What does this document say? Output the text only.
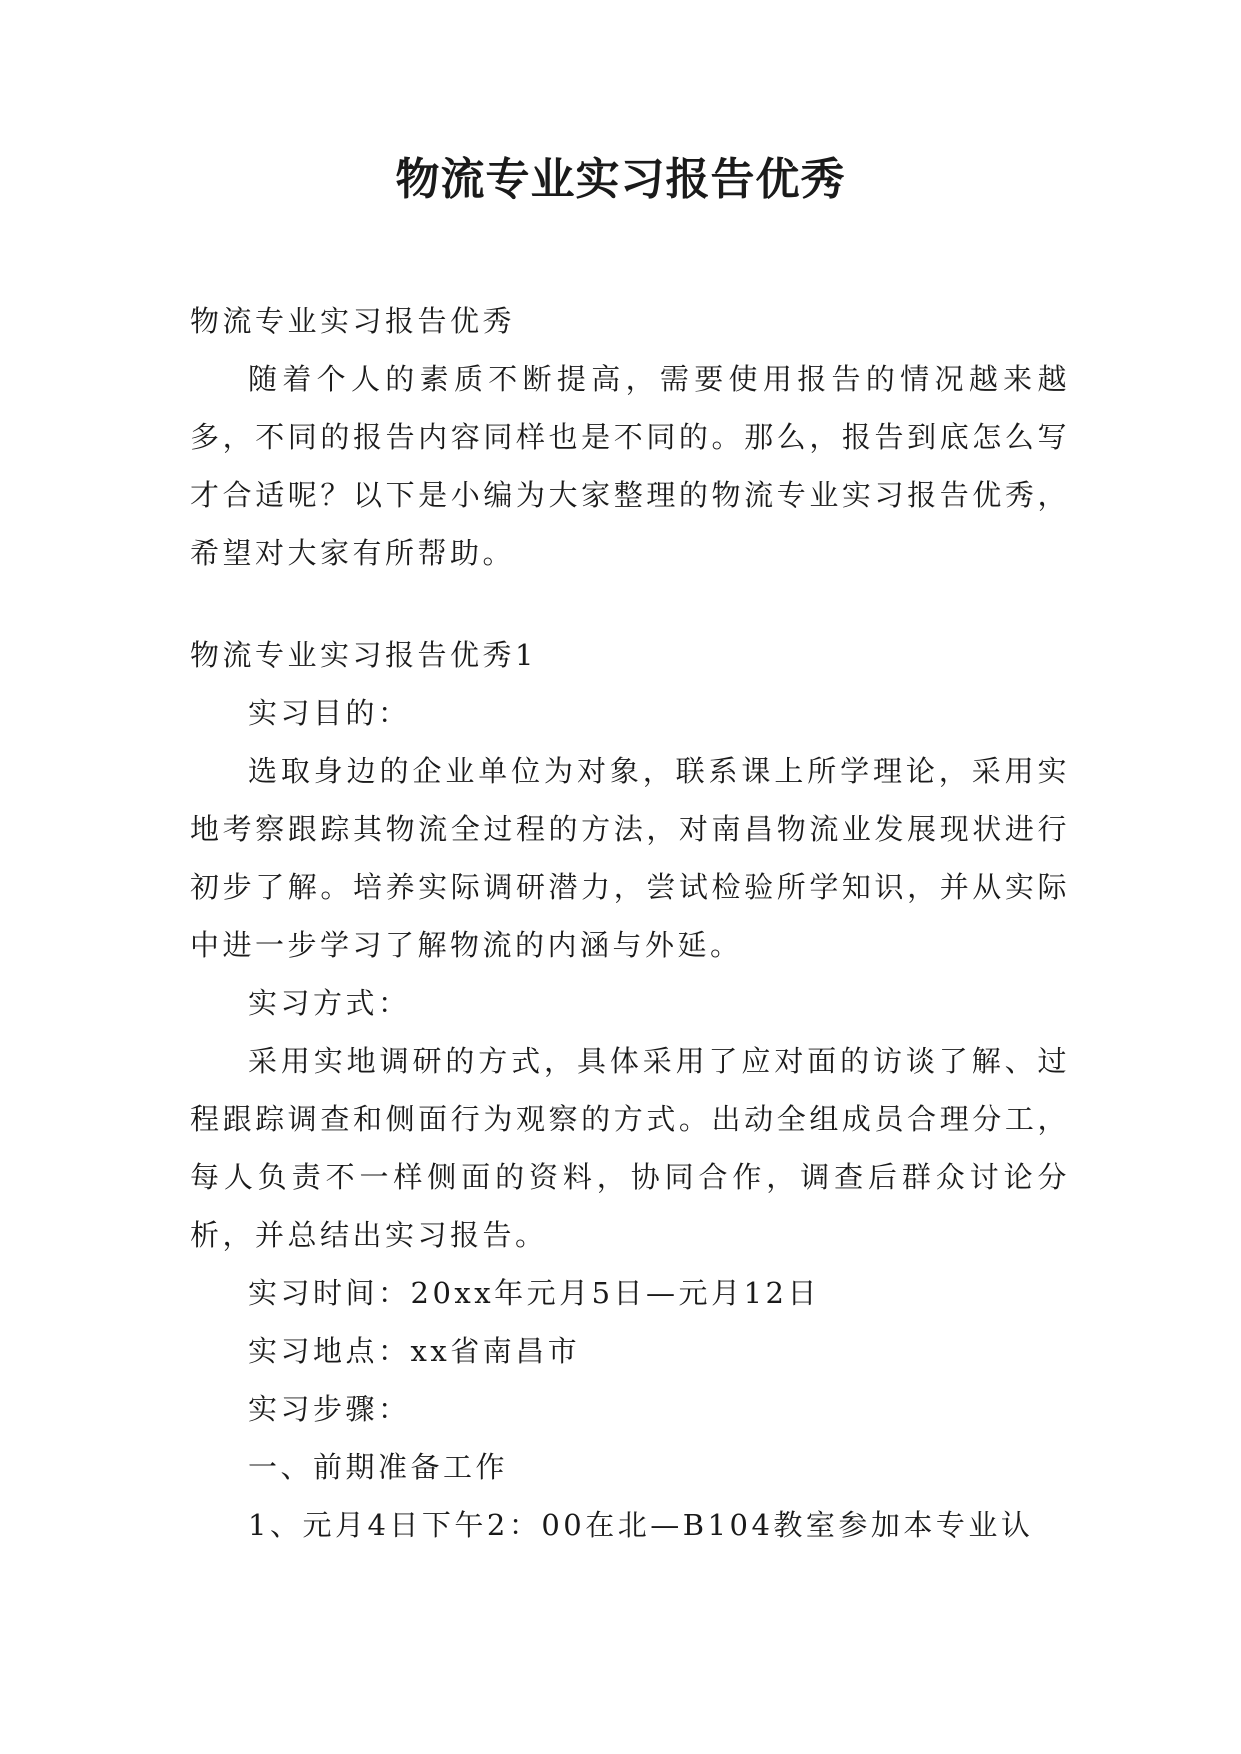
物流专业实习报告优秀

物流专业实习报告优秀

随着个人的素质不断提高，需要使用报告的情况越来越多，不同的报告内容同样也是不同的。那么，报告到底怎么写才合适呢？以下是小编为大家整理的物流专业实习报告优秀，希望对大家有所帮助。

物流专业实习报告优秀1

实习目的：

选取身边的企业单位为对象，联系课上所学理论，采用实地考察跟踪其物流全过程的方法，对南昌物流业发展现状进行初步了解。培养实际调研潜力，尝试检验所学知识，并从实际中进一步学习了解物流的内涵与外延。

实习方式：

采用实地调研的方式，具体采用了应对面的访谈了解、过程跟踪调查和侧面行为观察的方式。出动全组成员合理分工，每人负责不一样侧面的资料，协同合作，调查后群众讨论分析，并总结出实习报告。

实习时间：20xx年元月5日—元月12日

实习地点：xx省南昌市

实习步骤：

一、前期准备工作

1、元月4日下午2：00在北—B104教室参加本专业认
